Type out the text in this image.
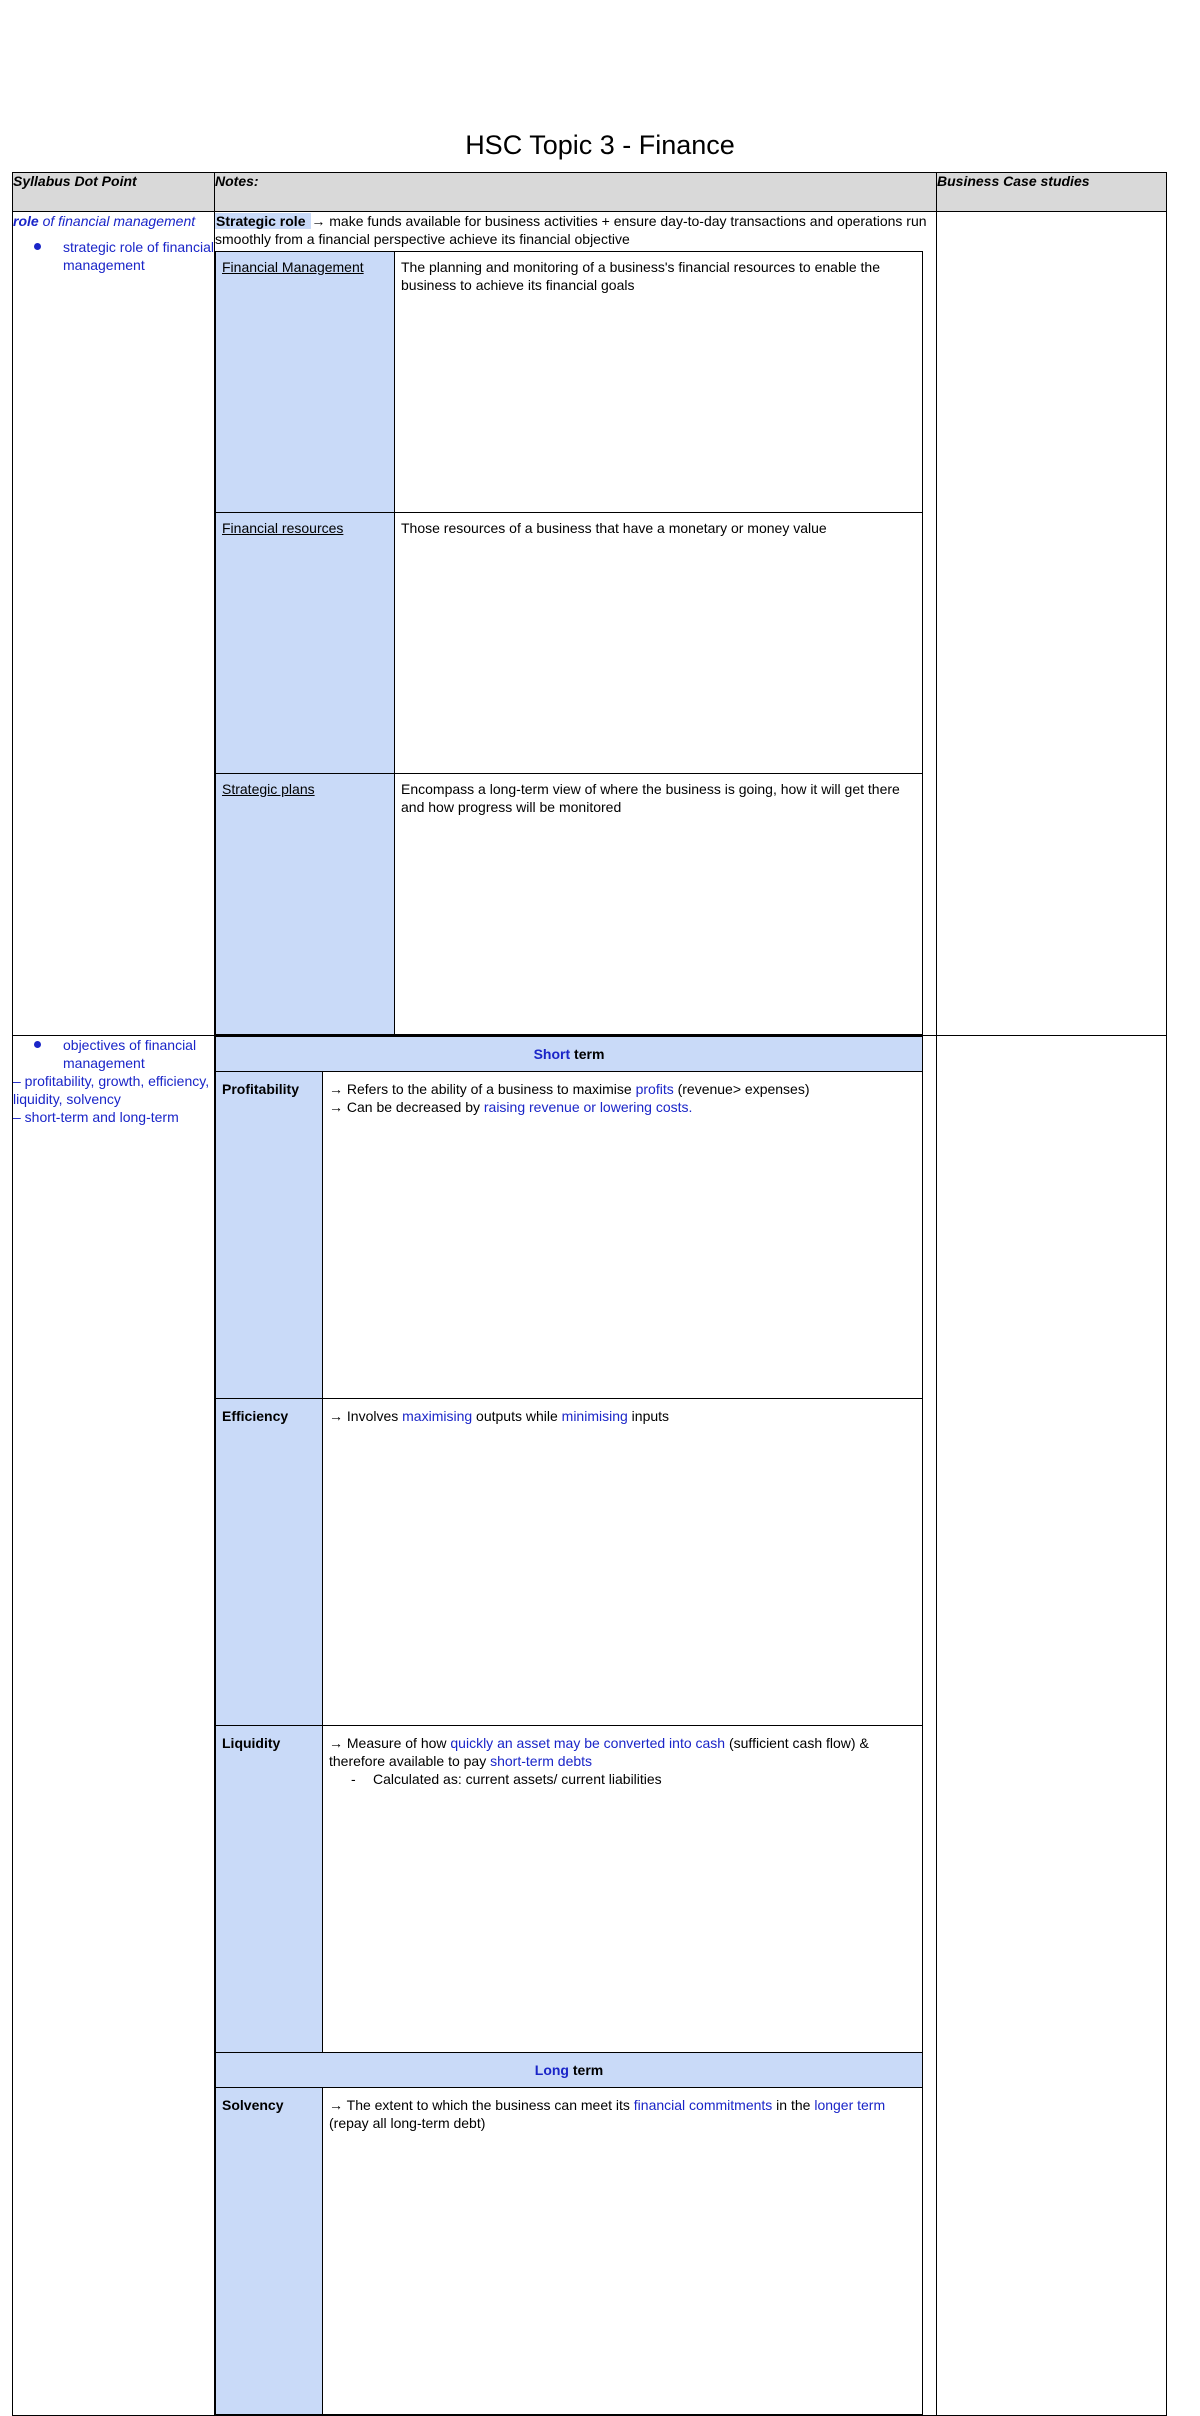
HSC Topic 3 - Finance
Syllabus Dot Point	Notes:	Business Case studies

role of financial management
strategic role of financial management

Strategic role → make funds available for business activities + ensure day-to-day transactions and operations run smoothly from a financial perspective achieve its financial objective
Financial Management	The planning and monitoring of a business's financial resources to enable the business to achieve its financial goals
Financial resources	Those resources of a business that have a monetary or money value
Strategic plans	Encompass a long-term view of where the business is going, how it will get there and how progress will be monitored

objectives of financial management
– profitability, growth, efficiency, liquidity, solvency
– short-term and long-term

Short term
Profitability	→ Refers to the ability of a business to maximise profits (revenue> expenses)
→ Can be decreased by raising revenue or lowering costs.

Efficiency	→ Involves maximising outputs while minimising inputs
Liquidity	→ Measure of how quickly an asset may be converted into cash (sufficient cash flow) & therefore available to pay short-term debts
- Calculated as: current assets/ current liabilities

Long term
Solvency	→ The extent to which the business can meet its financial commitments in the longer term (repay all long-term debt)
